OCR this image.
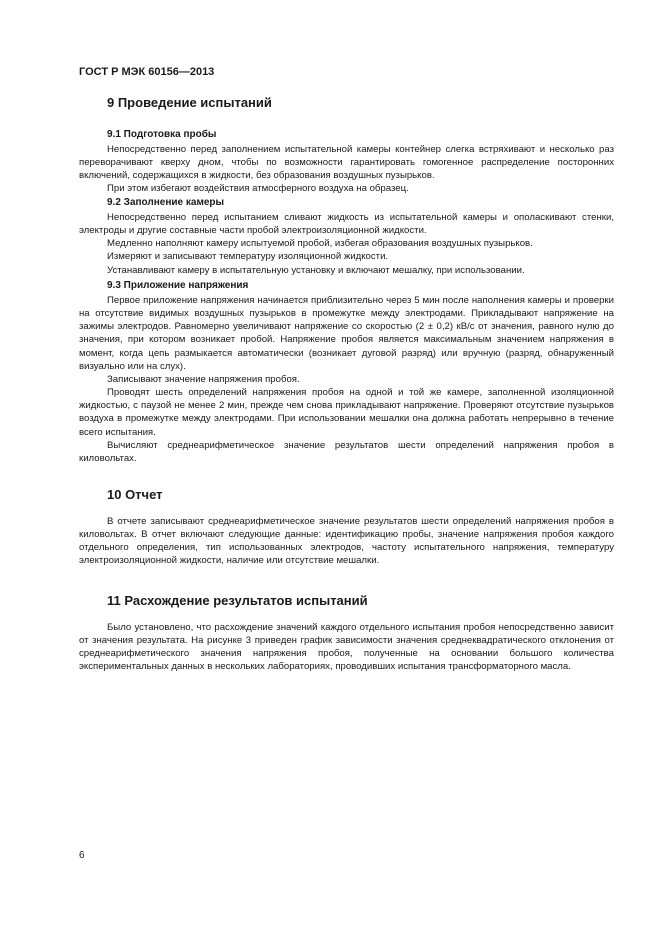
ГОСТ Р МЭК 60156—2013
9 Проведение испытаний
9.1 Подготовка пробы

Непосредственно перед заполнением испытательной камеры контейнер слегка встряхивают и несколько раз переворачивают кверху дном, чтобы по возможности гарантировать гомогенное распределение посторонних включений, содержащихся в жидкости, без образования воздушных пузырьков.

При этом избегают воздействия атмосферного воздуха на образец.

9.2 Заполнение камеры

Непосредственно перед испытанием сливают жидкость из испытательной камеры и ополаскивают стенки, электроды и другие составные части пробой электроизоляционной жидкости.

Медленно наполняют камеру испытуемой пробой, избегая образования воздушных пузырьков.

Измеряют и записывают температуру изоляционной жидкости.

Устанавливают камеру в испытательную установку и включают мешалку, при использовании.

9.3 Приложение напряжения

Первое приложение напряжения начинается приблизительно через 5 мин после наполнения камеры и проверки на отсутствие видимых воздушных пузырьков в промежутке между электродами. Прикладывают напряжение на зажимы электродов. Равномерно увеличивают напряжение со скоростью (2 ± 0,2) кВ/с от значения, равного нулю до значения, при котором возникает пробой. Напряжение пробоя является максимальным значением напряжения в момент, когда цепь размыкается автоматически (возникает дуговой разряд) или вручную (разряд, обнаруженный визуально или на слух).

Записывают значение напряжения пробоя.

Проводят шесть определений напряжения пробоя на одной и той же камере, заполненной изоляционной жидкостью, с паузой не менее 2 мин, прежде чем снова прикладывают напряжение. Проверяют отсутствие пузырьков воздуха в промежутке между электродами. При использовании мешалки она должна работать непрерывно в течение всего испытания.

Вычисляют среднеарифметическое значение результатов шести определений напряжения пробоя в киловольтах.

10 Отчет

В отчете записывают среднеарифметическое значение результатов шести определений напряжения пробоя в киловольтах. В отчет включают следующие данные: идентификацию пробы, значение напряжения пробоя каждого отдельного определения, тип использованных электродов, частоту испытательного напряжения, температуру электроизоляционной жидкости, наличие или отсутствие мешалки.

11 Расхождение результатов испытаний

Было установлено, что расхождение значений каждого отдельного испытания пробоя непосредственно зависит от значения результата. На рисунке 3 приведен график зависимости значения среднеквадратического отклонения от среднеарифметического значения напряжения пробоя, полученные на основании большого количества экспериментальных данных в нескольких лабораториях, проводивших испытания трансформаторного масла.

6
